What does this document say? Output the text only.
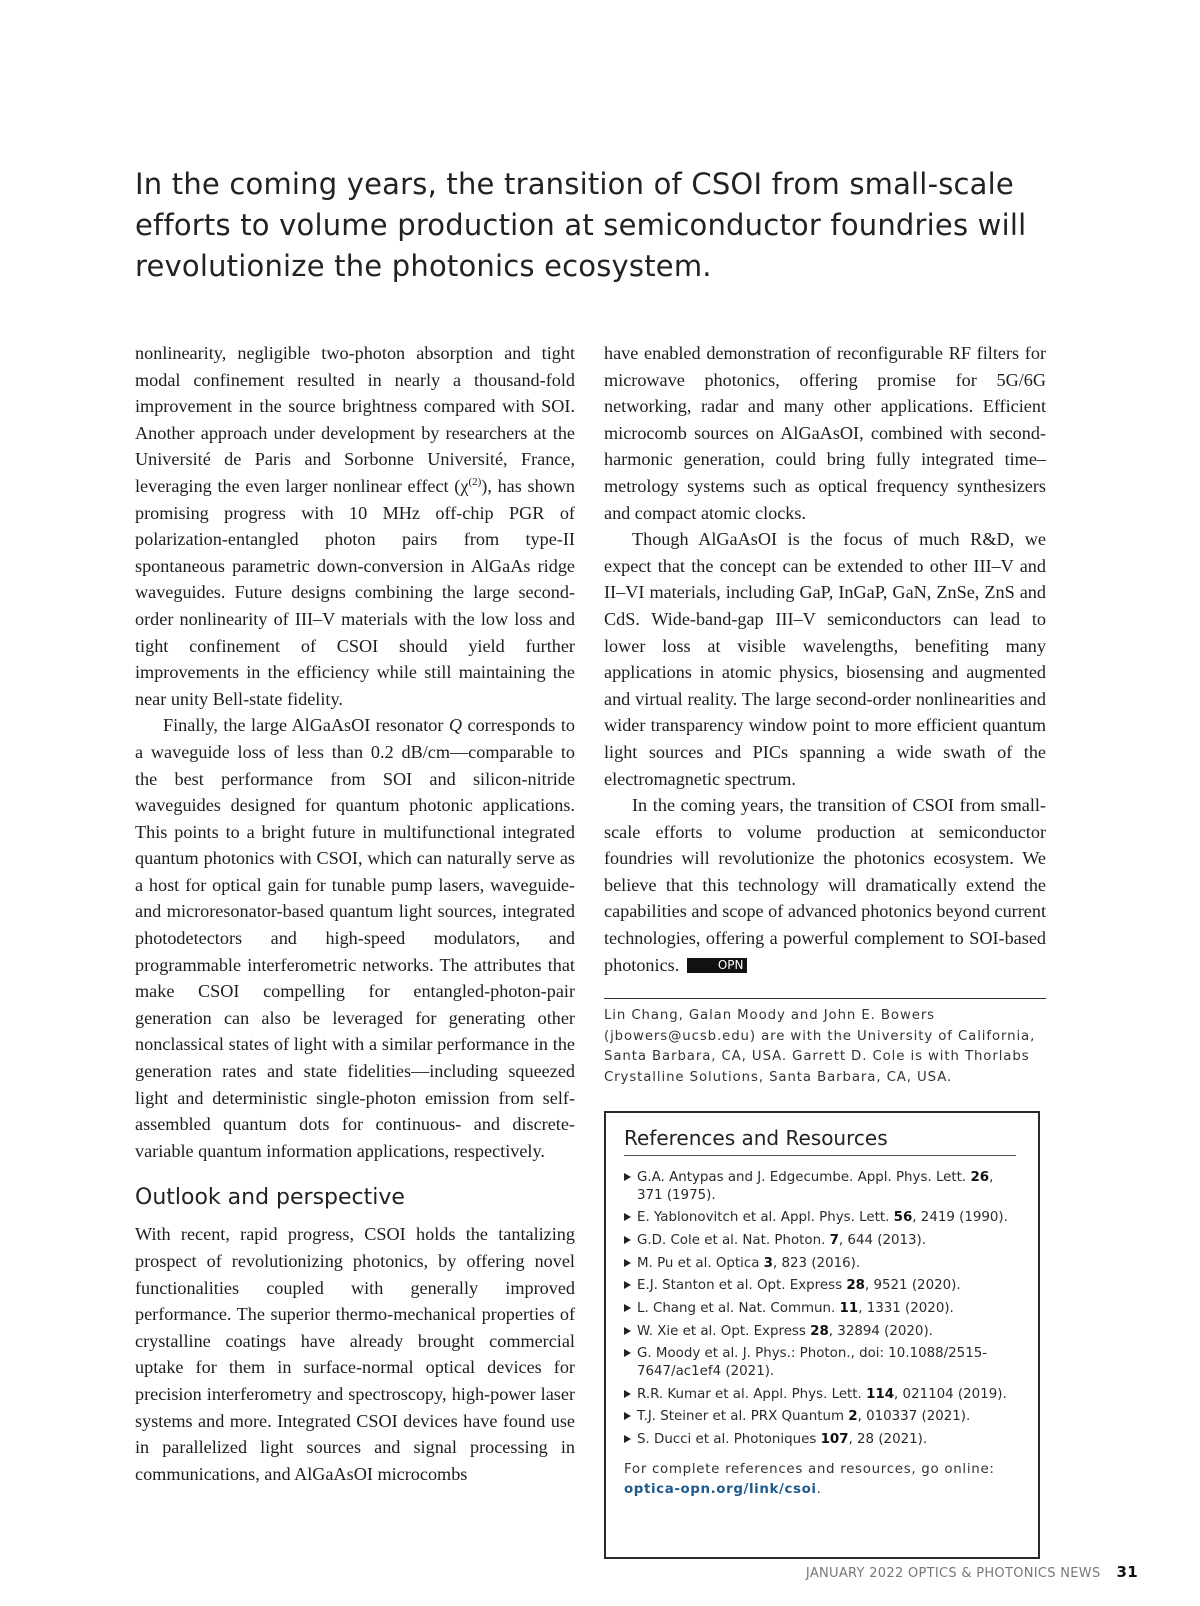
In the coming years, the transition of CSOI from small-scale efforts to volume production at semiconductor foundries will revolutionize the photonics ecosystem.

nonlinearity, negligible two-photon absorption and tight modal confinement resulted in nearly a thousand-fold improvement in the source brightness compared with SOI. Another approach under development by researchers at the Université de Paris and Sorbonne Université, France, leveraging the even larger nonlinear effect $(\chi^{(2)})$, has shown promising progress with 10 MHz off-chip PGR of polarization-entangled photon pairs from type-II spontaneous parametric down-conversion in AlGaAs ridge waveguides. Future designs combining the large second-order nonlinearity of III–V materials with the low loss and tight confinement of CSOI should yield further improvements in the efficiency while still maintaining the near unity Bell-state fidelity.

Finally, the large AlGaAsOI resonator Q corresponds to a waveguide loss of less than 0.2 dB/cm—comparable to the best performance from SOI and silicon-nitride waveguides designed for quantum photonic applications. This points to a bright future in multifunctional integrated quantum photonics with CSOI, which can naturally serve as a host for optical gain for tunable pump lasers, waveguide- and microresonator-based quantum light sources, integrated photodetectors and high-speed modulators, and programmable interferometric networks. The attributes that make CSOI compelling for entangled-photon-pair generation can also be leveraged for generating other nonclassical states of light with a similar performance in the generation rates and state fidelities—including squeezed light and deterministic single-photon emission from self-assembled quantum dots for continuous- and discrete-variable quantum information applications, respectively.

Outlook and perspective

With recent, rapid progress, CSOI holds the tantalizing prospect of revolutionizing photonics, by offering novel functionalities coupled with generally improved performance. The superior thermo-mechanical properties of crystalline coatings have already brought commercial uptake for them in surface-normal optical devices for precision interferometry and spectroscopy, high-power laser systems and more. Integrated CSOI devices have found use in parallelized light sources and signal processing in communications, and AlGaAsOI microcombs

have enabled demonstration of reconfigurable RF filters for microwave photonics, offering promise for 5G/6G networking, radar and many other applications. Efficient microcomb sources on AlGaAsOI, combined with second-harmonic generation, could bring fully integrated time–metrology systems such as optical frequency synthesizers and compact atomic clocks.

Though AlGaAsOI is the focus of much R&D, we expect that the concept can be extended to other III–V and II–VI materials, including GaP, InGaP, GaN, ZnSe, ZnS and CdS. Wide-band-gap III–V semiconductors can lead to lower loss at visible wavelengths, benefiting many applications in atomic physics, biosensing and augmented and virtual reality. The large second-order nonlinearities and wider transparency window point to more efficient quantum light sources and PICs spanning a wide swath of the electromagnetic spectrum.

In the coming years, the transition of CSOI from small-scale efforts to volume production at semiconductor foundries will revolutionize the photonics ecosystem. We believe that this technology will dramatically extend the capabilities and scope of advanced photonics beyond current technologies, offering a powerful complement to SOI-based photonics.	OPN

Lin Chang, Galan Moody and John E. Bowers (jbowers@ucsb.edu) are with the University of California, Santa Barbara, CA, USA. Garrett D. Cole is with Thorlabs Crystalline Solutions, Santa Barbara, CA, USA.
References and Resources
G.A. Antypas and J. Edgecumbe. Appl. Phys. Lett. 26, 371 (1975).
E. Yablonovitch et al. Appl. Phys. Lett. 56, 2419 (1990).
G.D. Cole et al. Nat. Photon. 7, 644 (2013).
M. Pu et al. Optica 3, 823 (2016).
E.J. Stanton et al. Opt. Express 28, 9521 (2020).
L. Chang et al. Nat. Commun. 11, 1331 (2020).
W. Xie et al. Opt. Express 28, 32894 (2020).
G. Moody et al. J. Phys.: Photon., doi: 10.1088/2515-7647/ac1ef4 (2021).
R.R. Kumar et al. Appl. Phys. Lett. 114, 021104 (2019).
T.J. Steiner et al. PRX Quantum 2, 010337 (2021).
S. Ducci et al. Photoniques 107, 28 (2021).
For complete references and resources, go online:
optica-opn.org/link/csoi.
JANUARY 2022 OPTICS & PHOTONICS NEWS 31
